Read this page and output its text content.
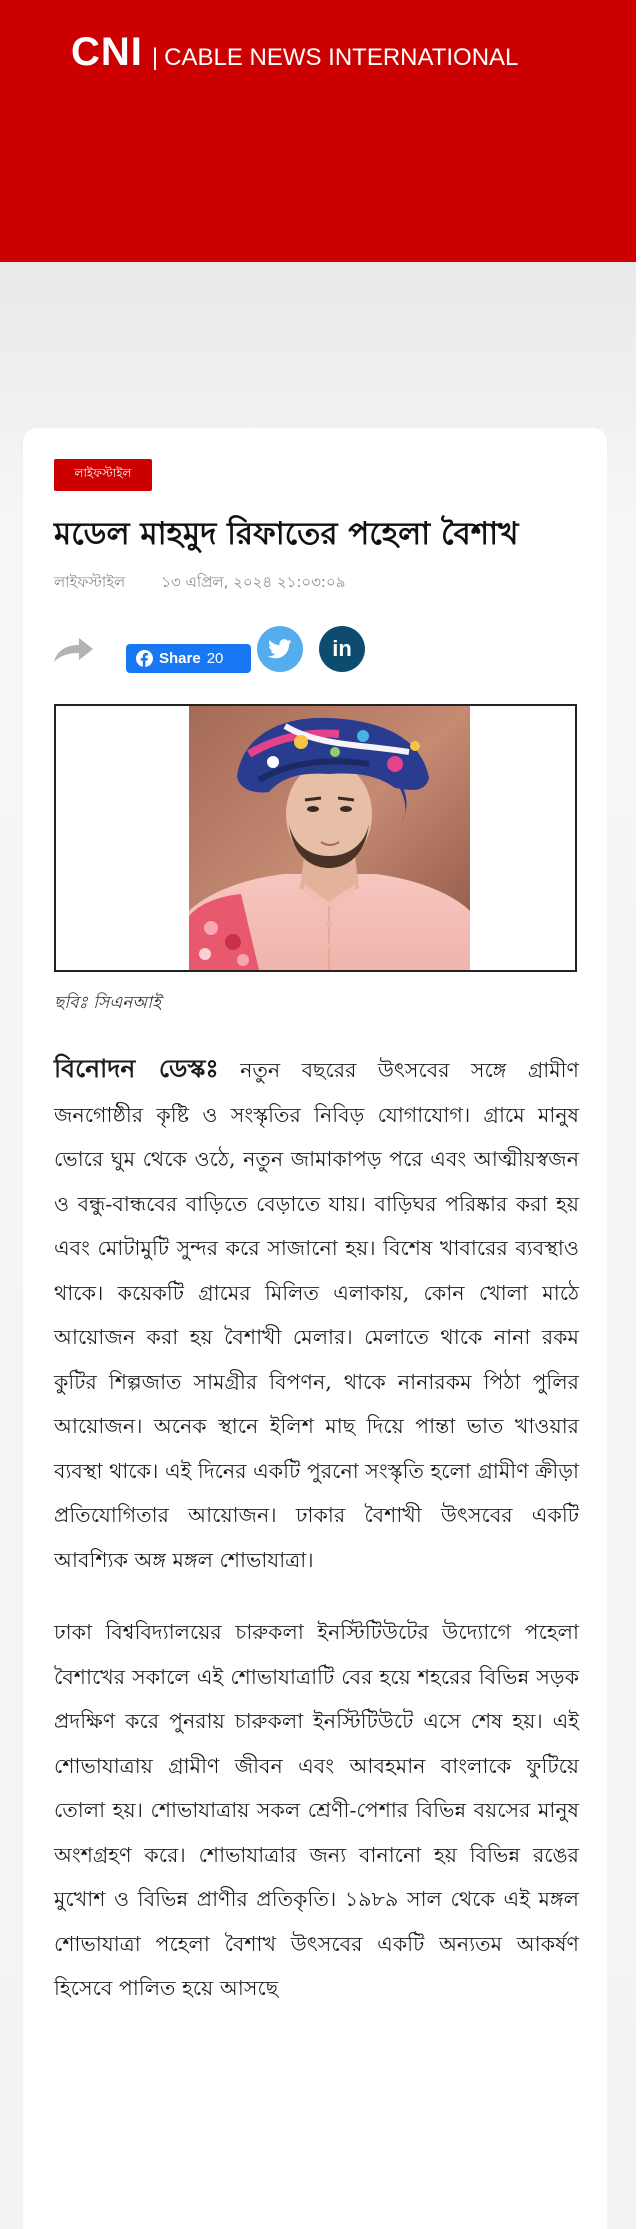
CNI | CABLE NEWS INTERNATIONAL
লাইফস্টাইল
মডেল মাহমুদ রিফাতের পহেলা বৈশাখ
লাইফস্টাইল ১৩ এপ্রিল, ২০২৪ ২১:০৩:০৯
Share 20	in
ছবিঃ সিএনআই

বিনোদন ডেস্কঃ নতুন বছরের উৎসবের সঙ্গে গ্রামীণ জনগোষ্ঠীর কৃষ্টি ও সংস্কৃতির নিবিড় যোগাযোগ। গ্রামে মানুষ ভোরে ঘুম থেকে ওঠে, নতুন জামাকাপড় পরে এবং আত্মীয়স্বজন ও বন্ধু-বান্ধবের বাড়িতে বেড়াতে যায়। বাড়িঘর পরিষ্কার করা হয় এবং মোটামুটি সুন্দর করে সাজানো হয়। বিশেষ খাবারের ব্যবস্থাও থাকে। কয়েকটি গ্রামের মিলিত এলাকায়, কোন খোলা মাঠে আয়োজন করা হয় বৈশাখী মেলার। মেলাতে থাকে নানা রকম কুটির শিল্পজাত সামগ্রীর বিপণন, থাকে নানারকম পিঠা পুলির আয়োজন। অনেক স্থানে ইলিশ মাছ দিয়ে পান্তা ভাত খাওয়ার ব্যবস্থা থাকে। এই দিনের একটি পুরনো সংস্কৃতি হলো গ্রামীণ ক্রীড়া প্রতিযোগিতার আয়োজন। ঢাকার বৈশাখী উৎসবের একটি আবশ্যিক অঙ্গ মঙ্গল শোভাযাত্রা।

ঢাকা বিশ্ববিদ্যালয়ের চারুকলা ইনস্টিটিউটের উদ্যোগে পহেলা বৈশাখের সকালে এই শোভাযাত্রাটি বের হয়ে শহরের বিভিন্ন সড়ক প্রদক্ষিণ করে পুনরায় চারুকলা ইনস্টিটিউটে এসে শেষ হয়। এই শোভাযাত্রায় গ্রামীণ জীবন এবং আবহমান বাংলাকে ফুটিয়ে তোলা হয়। শোভাযাত্রায় সকল শ্রেণী-পেশার বিভিন্ন বয়সের মানুষ অংশগ্রহণ করে। শোভাযাত্রার জন্য বানানো হয় বিভিন্ন রঙের মুখোশ ও বিভিন্ন প্রাণীর প্রতিকৃতি। ১৯৮৯ সাল থেকে এই মঙ্গল শোভাযাত্রা পহেলা বৈশাখ উৎসবের একটি অন্যতম আকর্ষণ হিসেবে পালিত হয়ে আসছে
